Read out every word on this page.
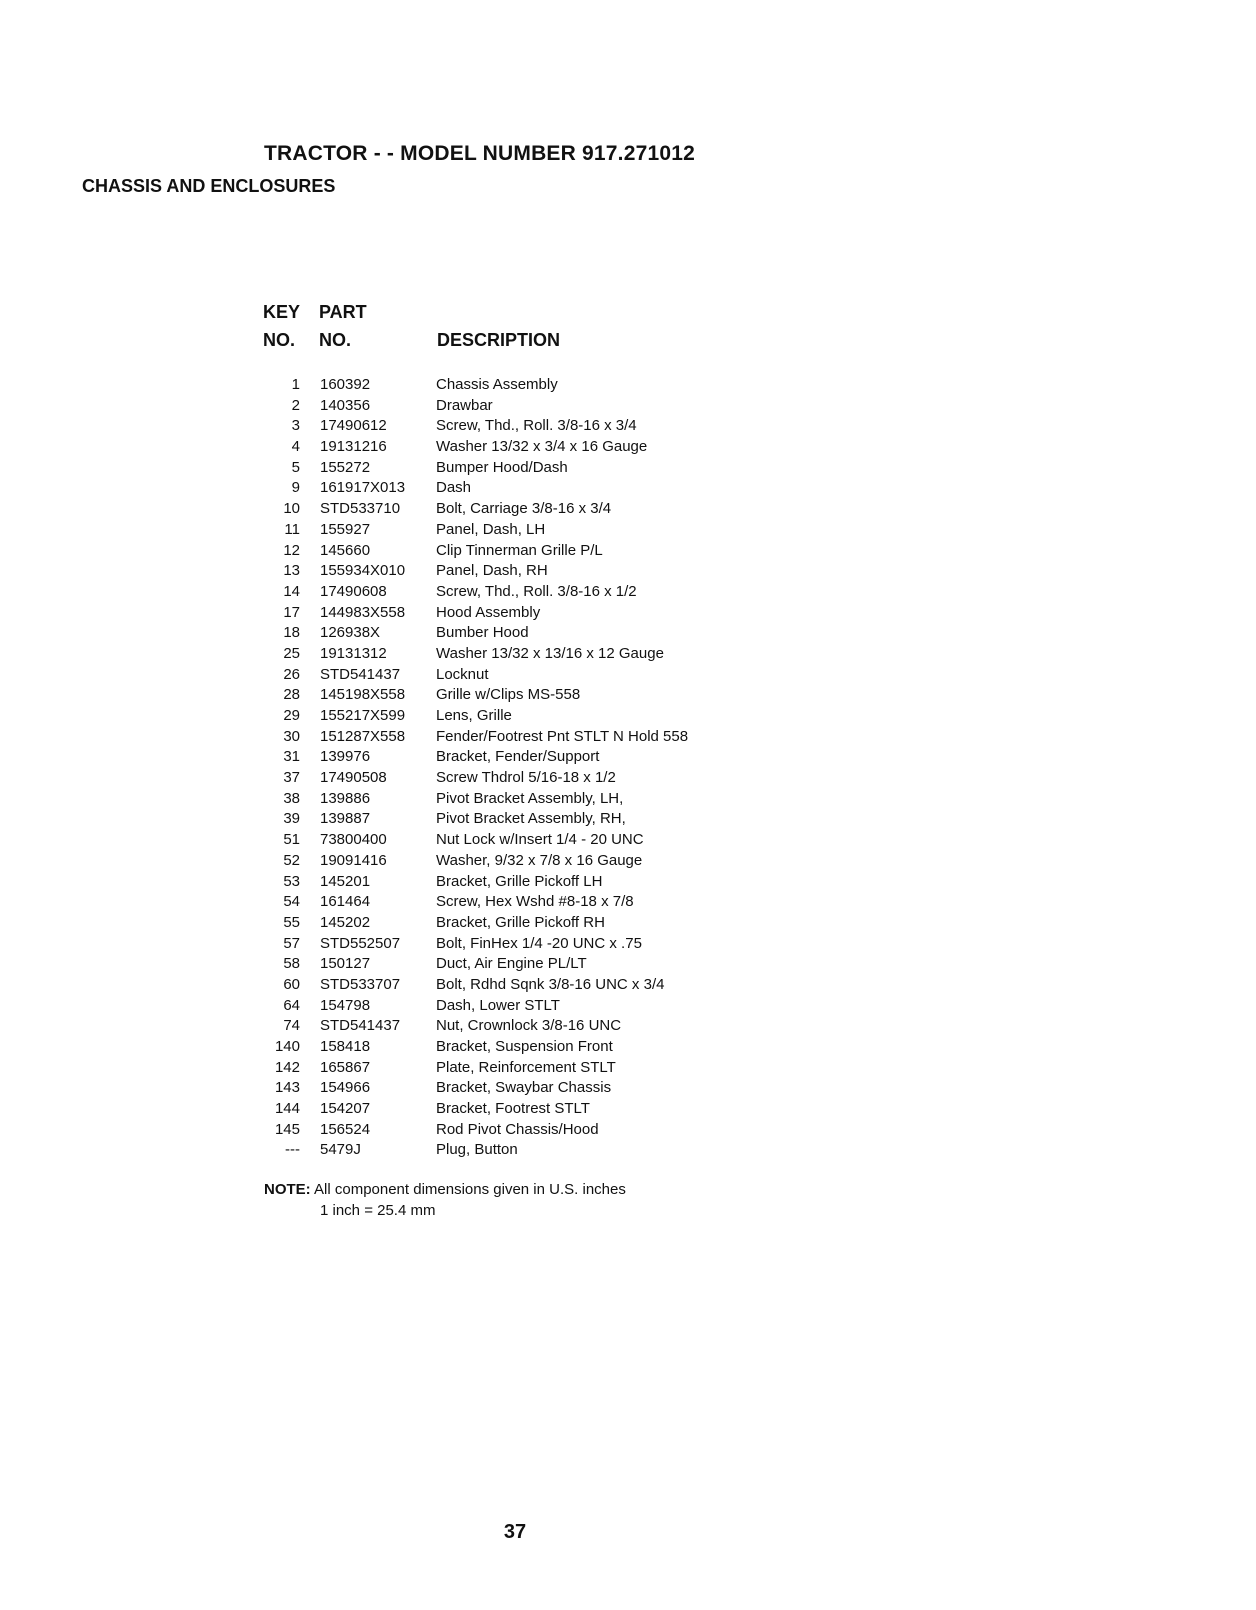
TRACTOR - - MODEL NUMBER 917.271012
CHASSIS AND ENCLOSURES
KEY PART
NO. NO.	DESCRIPTION
1 160392	Chassis Assembly
2 140356	Drawbar
3 17490612	Screw, Thd., Roll. 3/8-16 x 3/4
4 19131216	Washer 13/32 x 3/4 x 16 Gauge
5 155272	Bumper Hood/Dash
9 161917X013 Dash
10 STD533710 Bolt, Carriage 3/8-16 x 3/4
11 155927	Panel, Dash, LH
12 145660	Clip Tinnerman Grille P/L
13 155934X010 Panel, Dash, RH
14 17490608	Screw, Thd., Roll. 3/8-16 x 1/2
17 144983X558 Hood Assembly
18 126938X	Bumber Hood
25 19131312	Washer 13/32 x 13/16 x 12 Gauge
26 STD541437 Locknut
28 145198X558 Grille w/Clips MS-558
29 155217X599 Lens, Grille
30 151287X558 Fender/Footrest Pnt STLT N Hold 558
31 139976	Bracket, Fender/Support
37 17490508	Screw Thdrol 5/16-18 x 1/2
38 139886	Pivot Bracket Assembly, LH,
39 139887	Pivot Bracket Assembly, RH,
51 73800400	Nut Lock w/Insert 1/4 - 20 UNC
52 19091416	Washer, 9/32 x 7/8 x 16 Gauge
53 145201	Bracket, Grille Pickoff LH
54 161464	Screw, Hex Wshd #8-18 x 7/8
55 145202	Bracket, Grille Pickoff RH
57 STD552507 Bolt, FinHex 1/4 -20 UNC x .75
58 150127	Duct, Air Engine PL/LT
60 STD533707 Bolt, Rdhd Sqnk 3/8-16 UNC x 3/4
64 154798	Dash, Lower STLT
74 STD541437 Nut, Crownlock 3/8-16 UNC
140 158418	Bracket, Suspension Front
142 165867	Plate, Reinforcement STLT
143 154966	Bracket, Swaybar Chassis
144 154207	Bracket, Footrest STLT
145 156524	Rod Pivot Chassis/Hood
--- 5479J	Plug, Button
NOTE: All component dimensions given in U.S. inches
1 inch = 25.4 mm
37
